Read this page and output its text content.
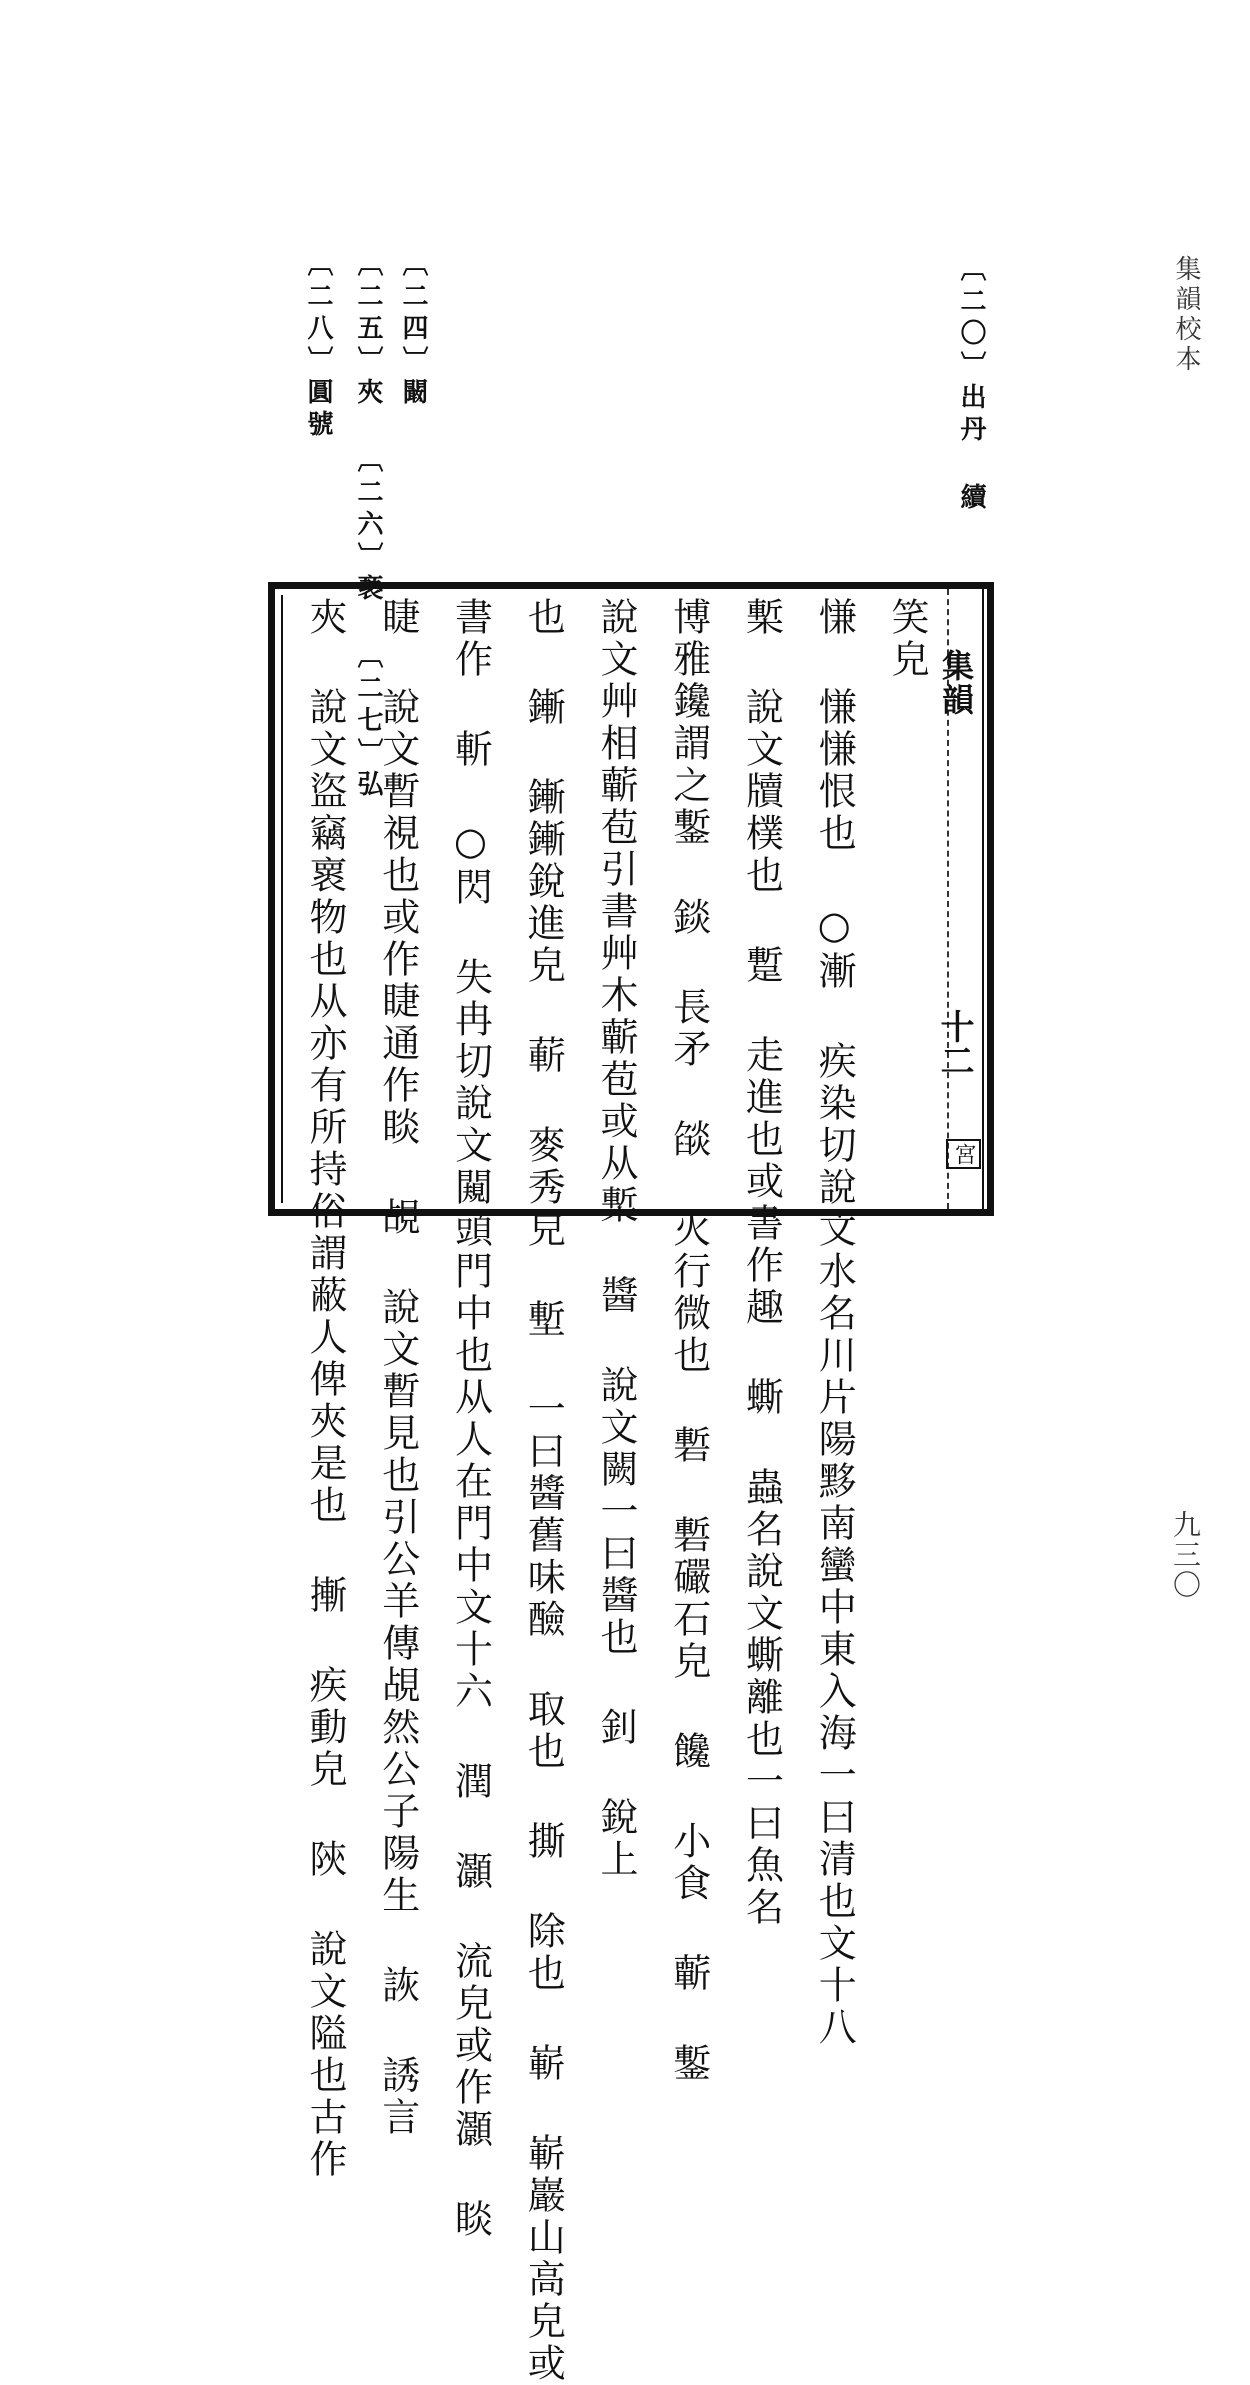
集韻校本
九三〇
〔二〇〕出丹 續
〔二四〕闞
〔二五〕夾 〔二六〕褻 〔二七〕弘
〔二八〕圓號
集韻
十二
宮
笑皃
慊 慊慊恨也 ○漸 疾染切說文水名川片陽黟南蠻中東入海一曰清也文十八
槧 說文牘樸也 蹔 走進也或書作趣 蟖 蟲名說文蟖離也一曰魚名
博雅鑱謂之鏨 錟 長矛 燄 火行微也 磛 磛礹石皃 饞 小食 蘄 鏨
說文艸相蘄苞引書艸木蘄苞或从槧 醬 說文闕一曰醬也 釗 銳上
也 鏩 鏩鏩銳進皃 蔪 麥秀皃 塹 一曰醬舊味醶 取也 撕 除也 嶄 嶄巖山高皃或
書作 斬 ○閃 失冉切說文闚頭門中也从人在門中文十六 潤 灝 流皃或作灝 睒
睫 說文暫視也或作睫通作睒 覘 說文暫見也引公羊傳覘然公子陽生 詼 誘言
夾 說文盜竊褱物也从亦有所持俗謂蔽人俾夾是也 摲 疾動皃 陝 說文隘也古作
